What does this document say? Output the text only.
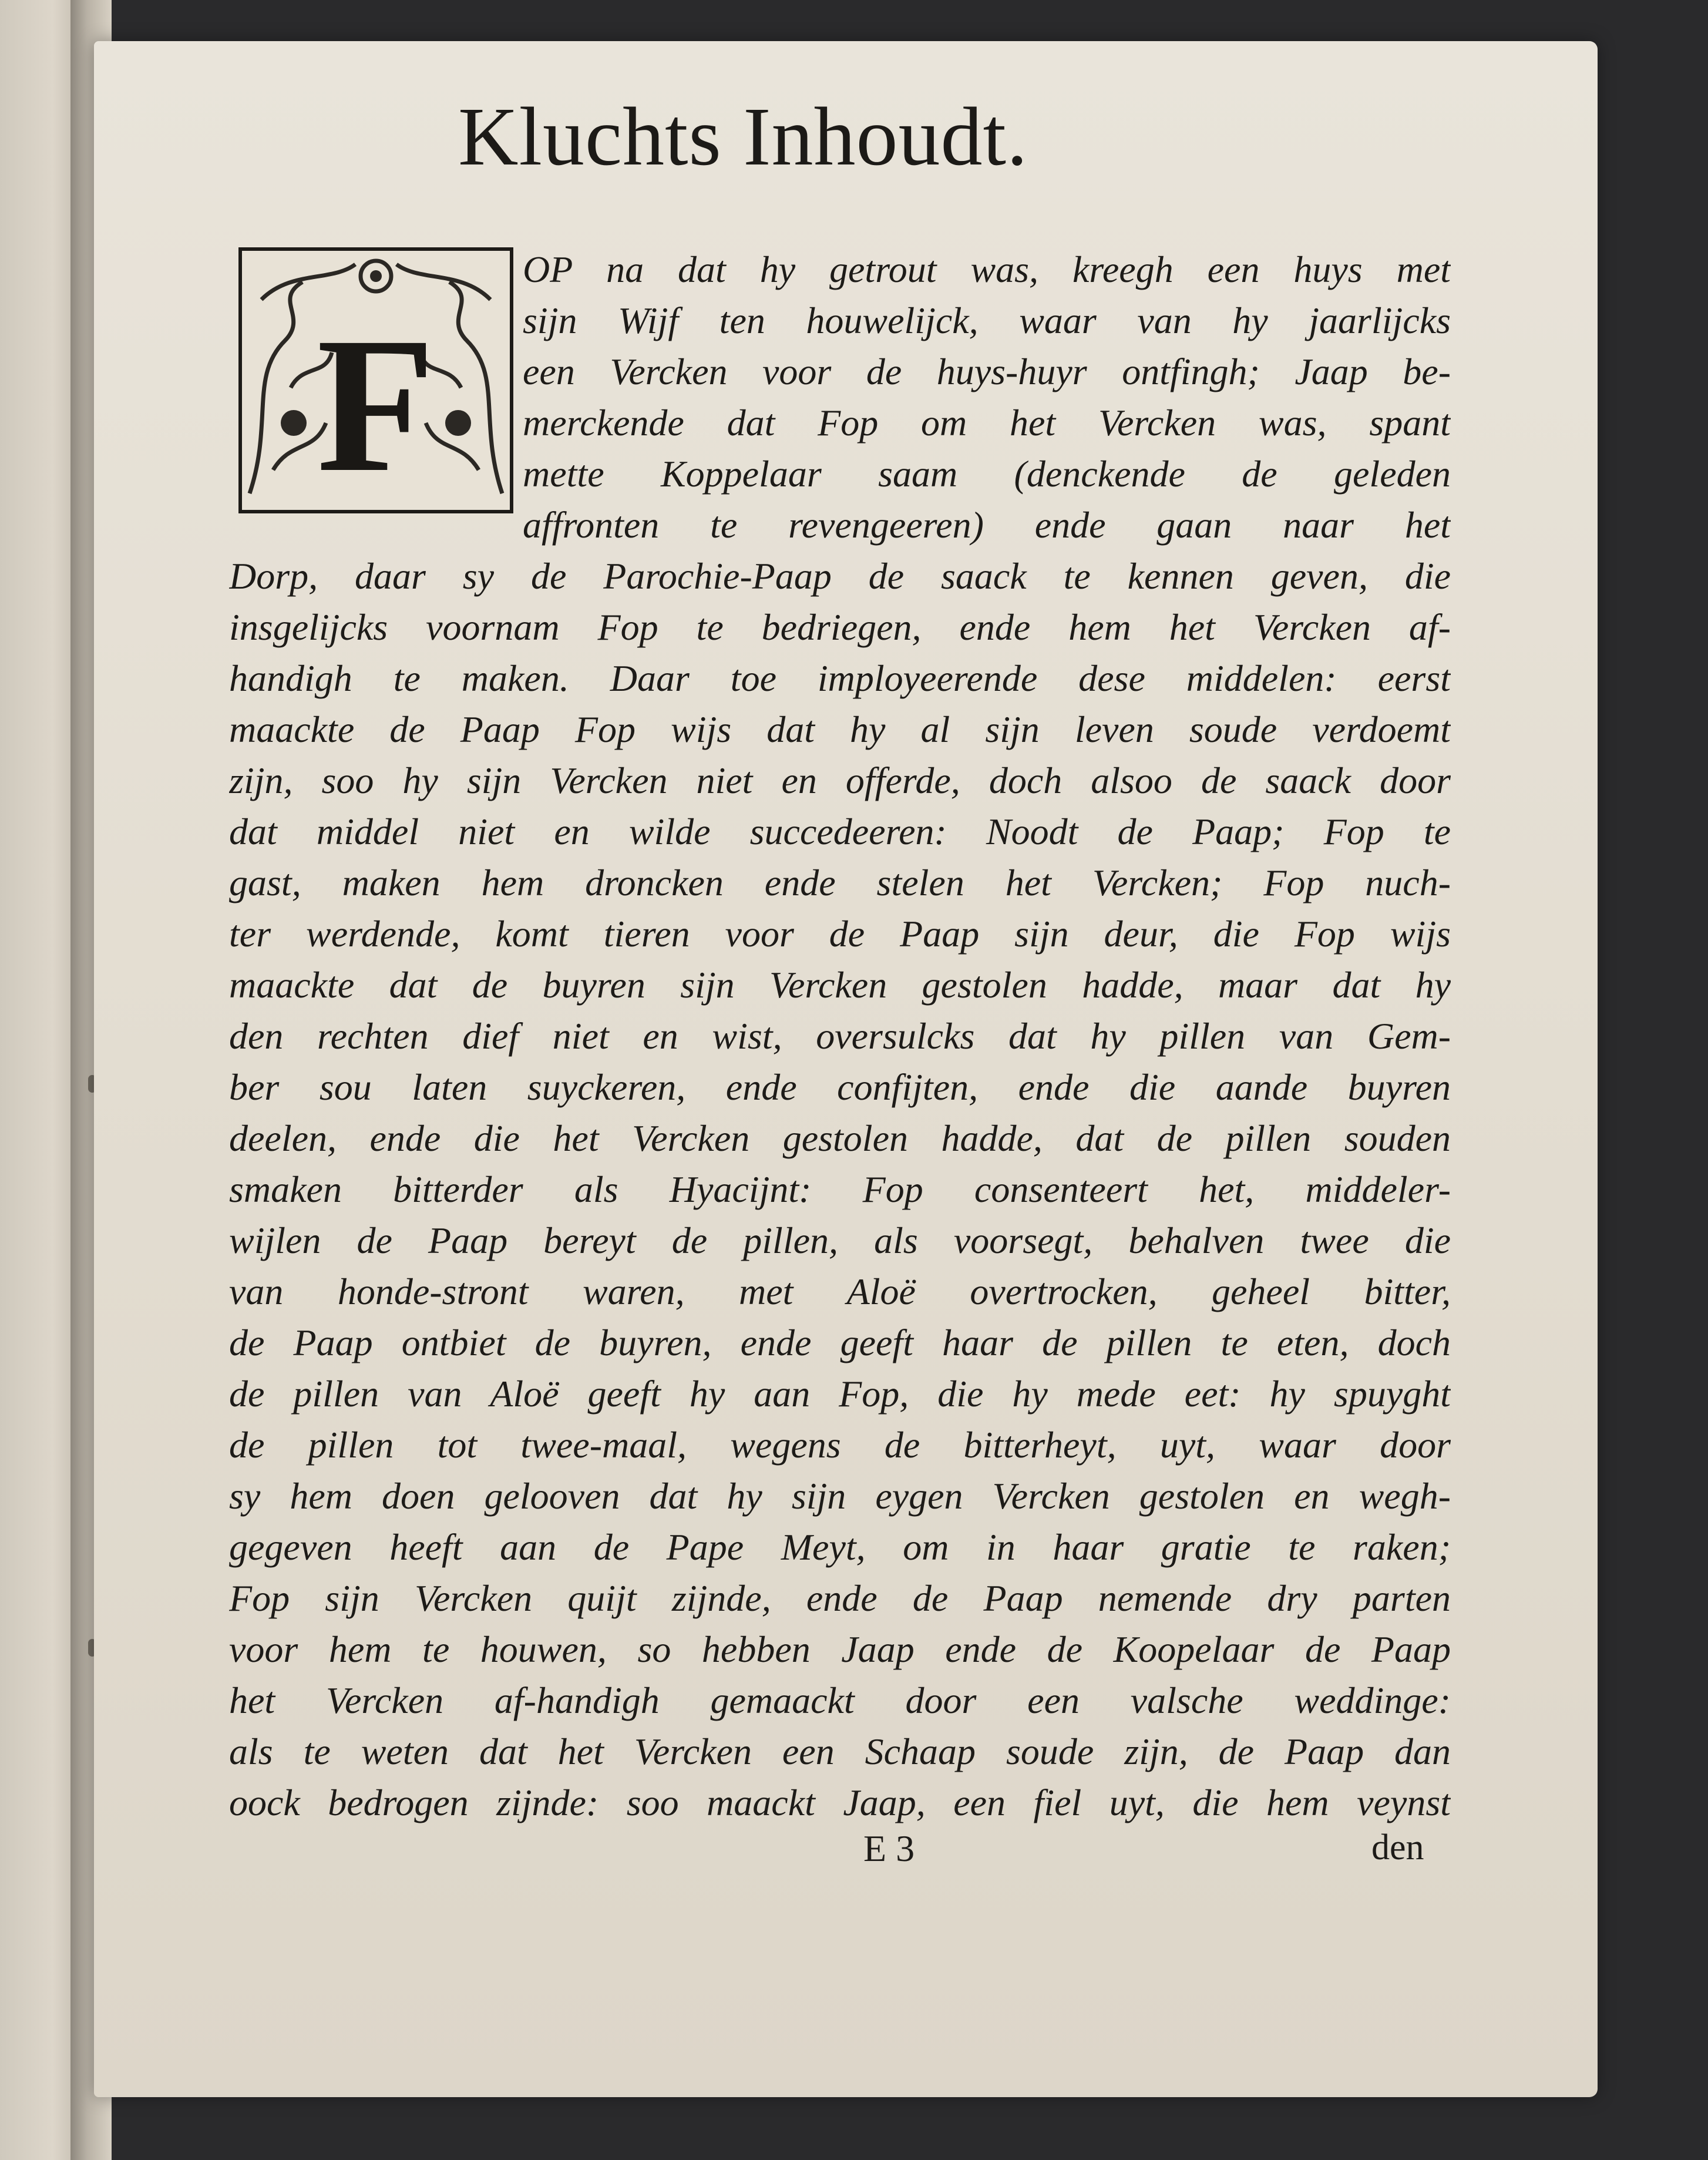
Kluchts Inhoudt.
F
OP na dat hy getrout was, kreegh een huys met
sijn Wijf ten houwelijck, waar van hy jaarlijcks
een Vercken voor de huys-huyr ontfingh; Jaap be-
merckende dat Fop om het Vercken was, spant
mette Koppelaar saam (denckende de geleden
affronten te revengeeren) ende gaan naar het
Dorp, daar sy de Parochie-Paap de saack te kennen geven, die
insgelijcks voornam Fop te bedriegen, ende hem het Vercken af-
handigh te maken. Daar toe imployeerende dese middelen: eerst
maackte de Paap Fop wijs dat hy al sijn leven soude verdoemt
zijn, soo hy sijn Vercken niet en offerde, doch alsoo de saack door
dat middel niet en wilde succedeeren: Noodt de Paap; Fop te
gast, maken hem droncken ende stelen het Vercken; Fop nuch-
ter werdende, komt tieren voor de Paap sijn deur, die Fop wijs
maackte dat de buyren sijn Vercken gestolen hadde, maar dat hy
den rechten dief niet en wist, oversulcks dat hy pillen van Gem-
ber sou laten suyckeren, ende confijten, ende die aande buyren
deelen, ende die het Vercken gestolen hadde, dat de pillen souden
smaken bitterder als Hyacijnt: Fop consenteert het, middeler-
wijlen de Paap bereyt de pillen, als voorsegt, behalven twee die
van honde-stront waren, met Aloë overtrocken, geheel bitter,
de Paap ontbiet de buyren, ende geeft haar de pillen te eten, doch
de pillen van Aloë geeft hy aan Fop, die hy mede eet: hy spuyght
de pillen tot twee-maal, wegens de bitterheyt, uyt, waar door
sy hem doen gelooven dat hy sijn eygen Vercken gestolen en wegh-
gegeven heeft aan de Pape Meyt, om in haar gratie te raken;
Fop sijn Vercken quijt zijnde, ende de Paap nemende dry parten
voor hem te houwen, so hebben Jaap ende de Koopelaar de Paap
het Vercken af-handigh gemaackt door een valsche weddinge:
als te weten dat het Vercken een Schaap soude zijn, de Paap dan
oock bedrogen zijnde: soo maackt Jaap, een fiel uyt, die hem veynst
E 3	den
